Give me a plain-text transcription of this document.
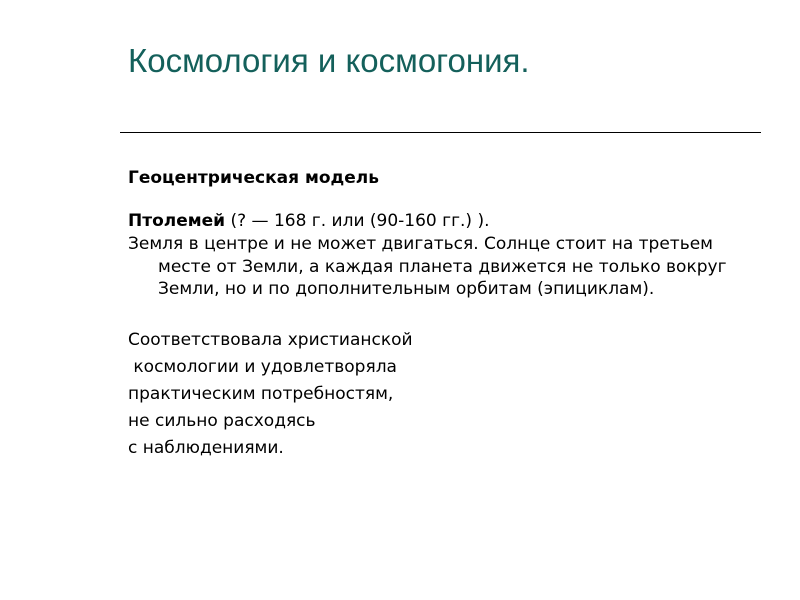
Космология и космогония.

Геоцентрическая модель

Птолемей (? — 168 г. или (90-160 гг.) ).

Земля в центре и не может двигаться. Солнце стоит на третьем месте от Земли, а каждая планета движется не только вокруг Земли, но и по дополнительным орбитам (эпициклам).

Соответствовала христианской
космологии и удовлетворяла
практическим потребностям,
не сильно расходясь
с наблюдениями.
